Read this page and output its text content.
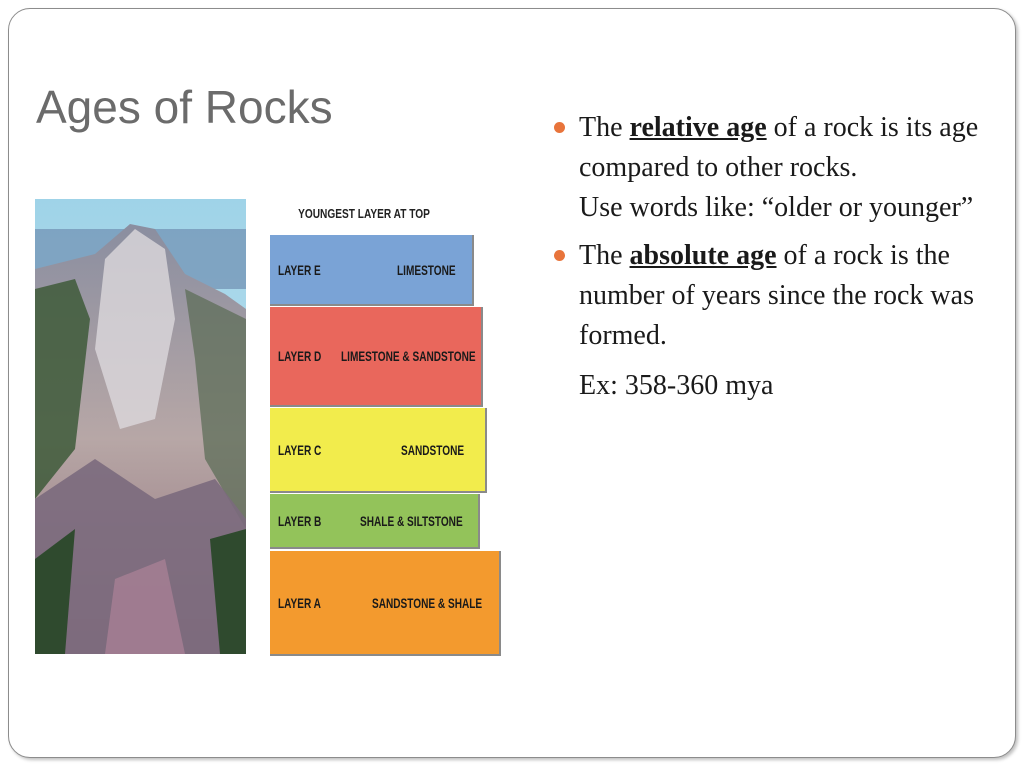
Ages of Rocks
YOUNGEST LAYER AT TOP
LAYER E	LIMESTONE
LAYER D LIMESTONE & SANDSTONE
LAYER C	SANDSTONE
LAYER B	SHALE & SILTSTONE
LAYER A	SANDSTONE & SHALE
The relative age of a rock is its age compared to other rocks.
Use words like: “older or younger”
The absolute age of a rock is the number of years since the rock was formed.
Ex: 358-360 mya
